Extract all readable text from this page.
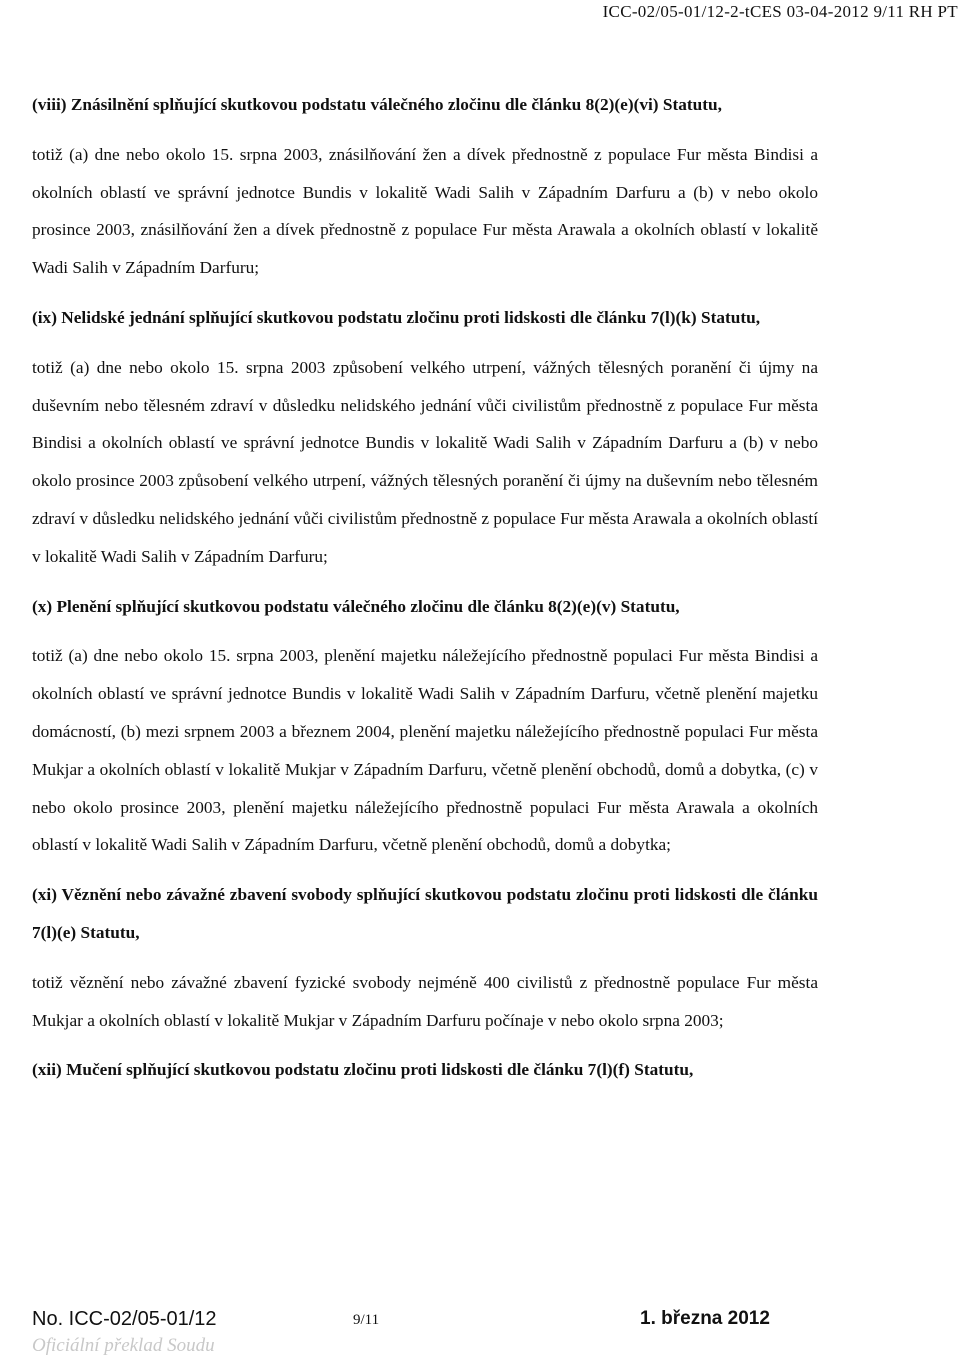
ICC-02/05-01/12-2-tCES 03-04-2012 9/11 RH PT

(viii) Znásilnění splňující skutkovou podstatu válečného zločinu dle článku 8(2)(e)(vi) Statutu,

totiž (a) dne nebo okolo 15. srpna 2003, znásilňování žen a dívek přednostně z populace Fur města Bindisi a okolních oblastí ve správní jednotce Bundis v lokalitě Wadi Salih v Západním Darfuru a (b) v nebo okolo prosince 2003, znásilňování žen a dívek přednostně z populace Fur města Arawala a okolních oblastí v lokalitě Wadi Salih v Západním Darfuru;

(ix) Nelidské jednání splňující skutkovou podstatu zločinu proti lidskosti dle článku 7(l)(k) Statutu,

totiž (a) dne nebo okolo 15. srpna 2003 způsobení velkého utrpení, vážných tělesných poranění či újmy na duševním nebo tělesném zdraví v důsledku nelidského jednání vůči civilistům přednostně z populace Fur města Bindisi a okolních oblastí ve správní jednotce Bundis v lokalitě Wadi Salih v Západním Darfuru a (b) v nebo okolo prosince 2003 způsobení velkého utrpení, vážných tělesných poranění či újmy na duševním nebo tělesném zdraví v důsledku nelidského jednání vůči civilistům přednostně z populace Fur města Arawala a okolních oblastí v lokalitě Wadi Salih v Západním Darfuru;

(x) Plenění splňující skutkovou podstatu válečného zločinu dle článku 8(2)(e)(v) Statutu,

totiž (a) dne nebo okolo 15. srpna 2003, plenění majetku náležejícího přednostně populaci Fur města Bindisi a okolních oblastí ve správní jednotce Bundis v lokalitě Wadi Salih v Západním Darfuru, včetně plenění majetku domácností, (b) mezi srpnem 2003 a březnem 2004, plenění majetku náležejícího přednostně populaci Fur města Mukjar a okolních oblastí v lokalitě Mukjar v Západním Darfuru, včetně plenění obchodů, domů a dobytka, (c) v nebo okolo prosince 2003, plenění majetku náležejícího přednostně populaci Fur města Arawala a okolních oblastí v lokalitě Wadi Salih v Západním Darfuru, včetně plenění obchodů, domů a dobytka;

(xi) Věznění nebo závažné zbavení svobody splňující skutkovou podstatu zločinu proti lidskosti dle článku 7(l)(e) Statutu,

totiž věznění nebo závažné zbavení fyzické svobody nejméně 400 civilistů z přednostně populace Fur města Mukjar a okolních oblastí v lokalitě Mukjar v Západním Darfuru počínaje v nebo okolo srpna 2003;

(xii) Mučení splňující skutkovou podstatu zločinu proti lidskosti dle článku 7(l)(f) Statutu,

No. ICC-02/05-01/12	9/11	1. března 2012
Oficiální překlad Soudu
